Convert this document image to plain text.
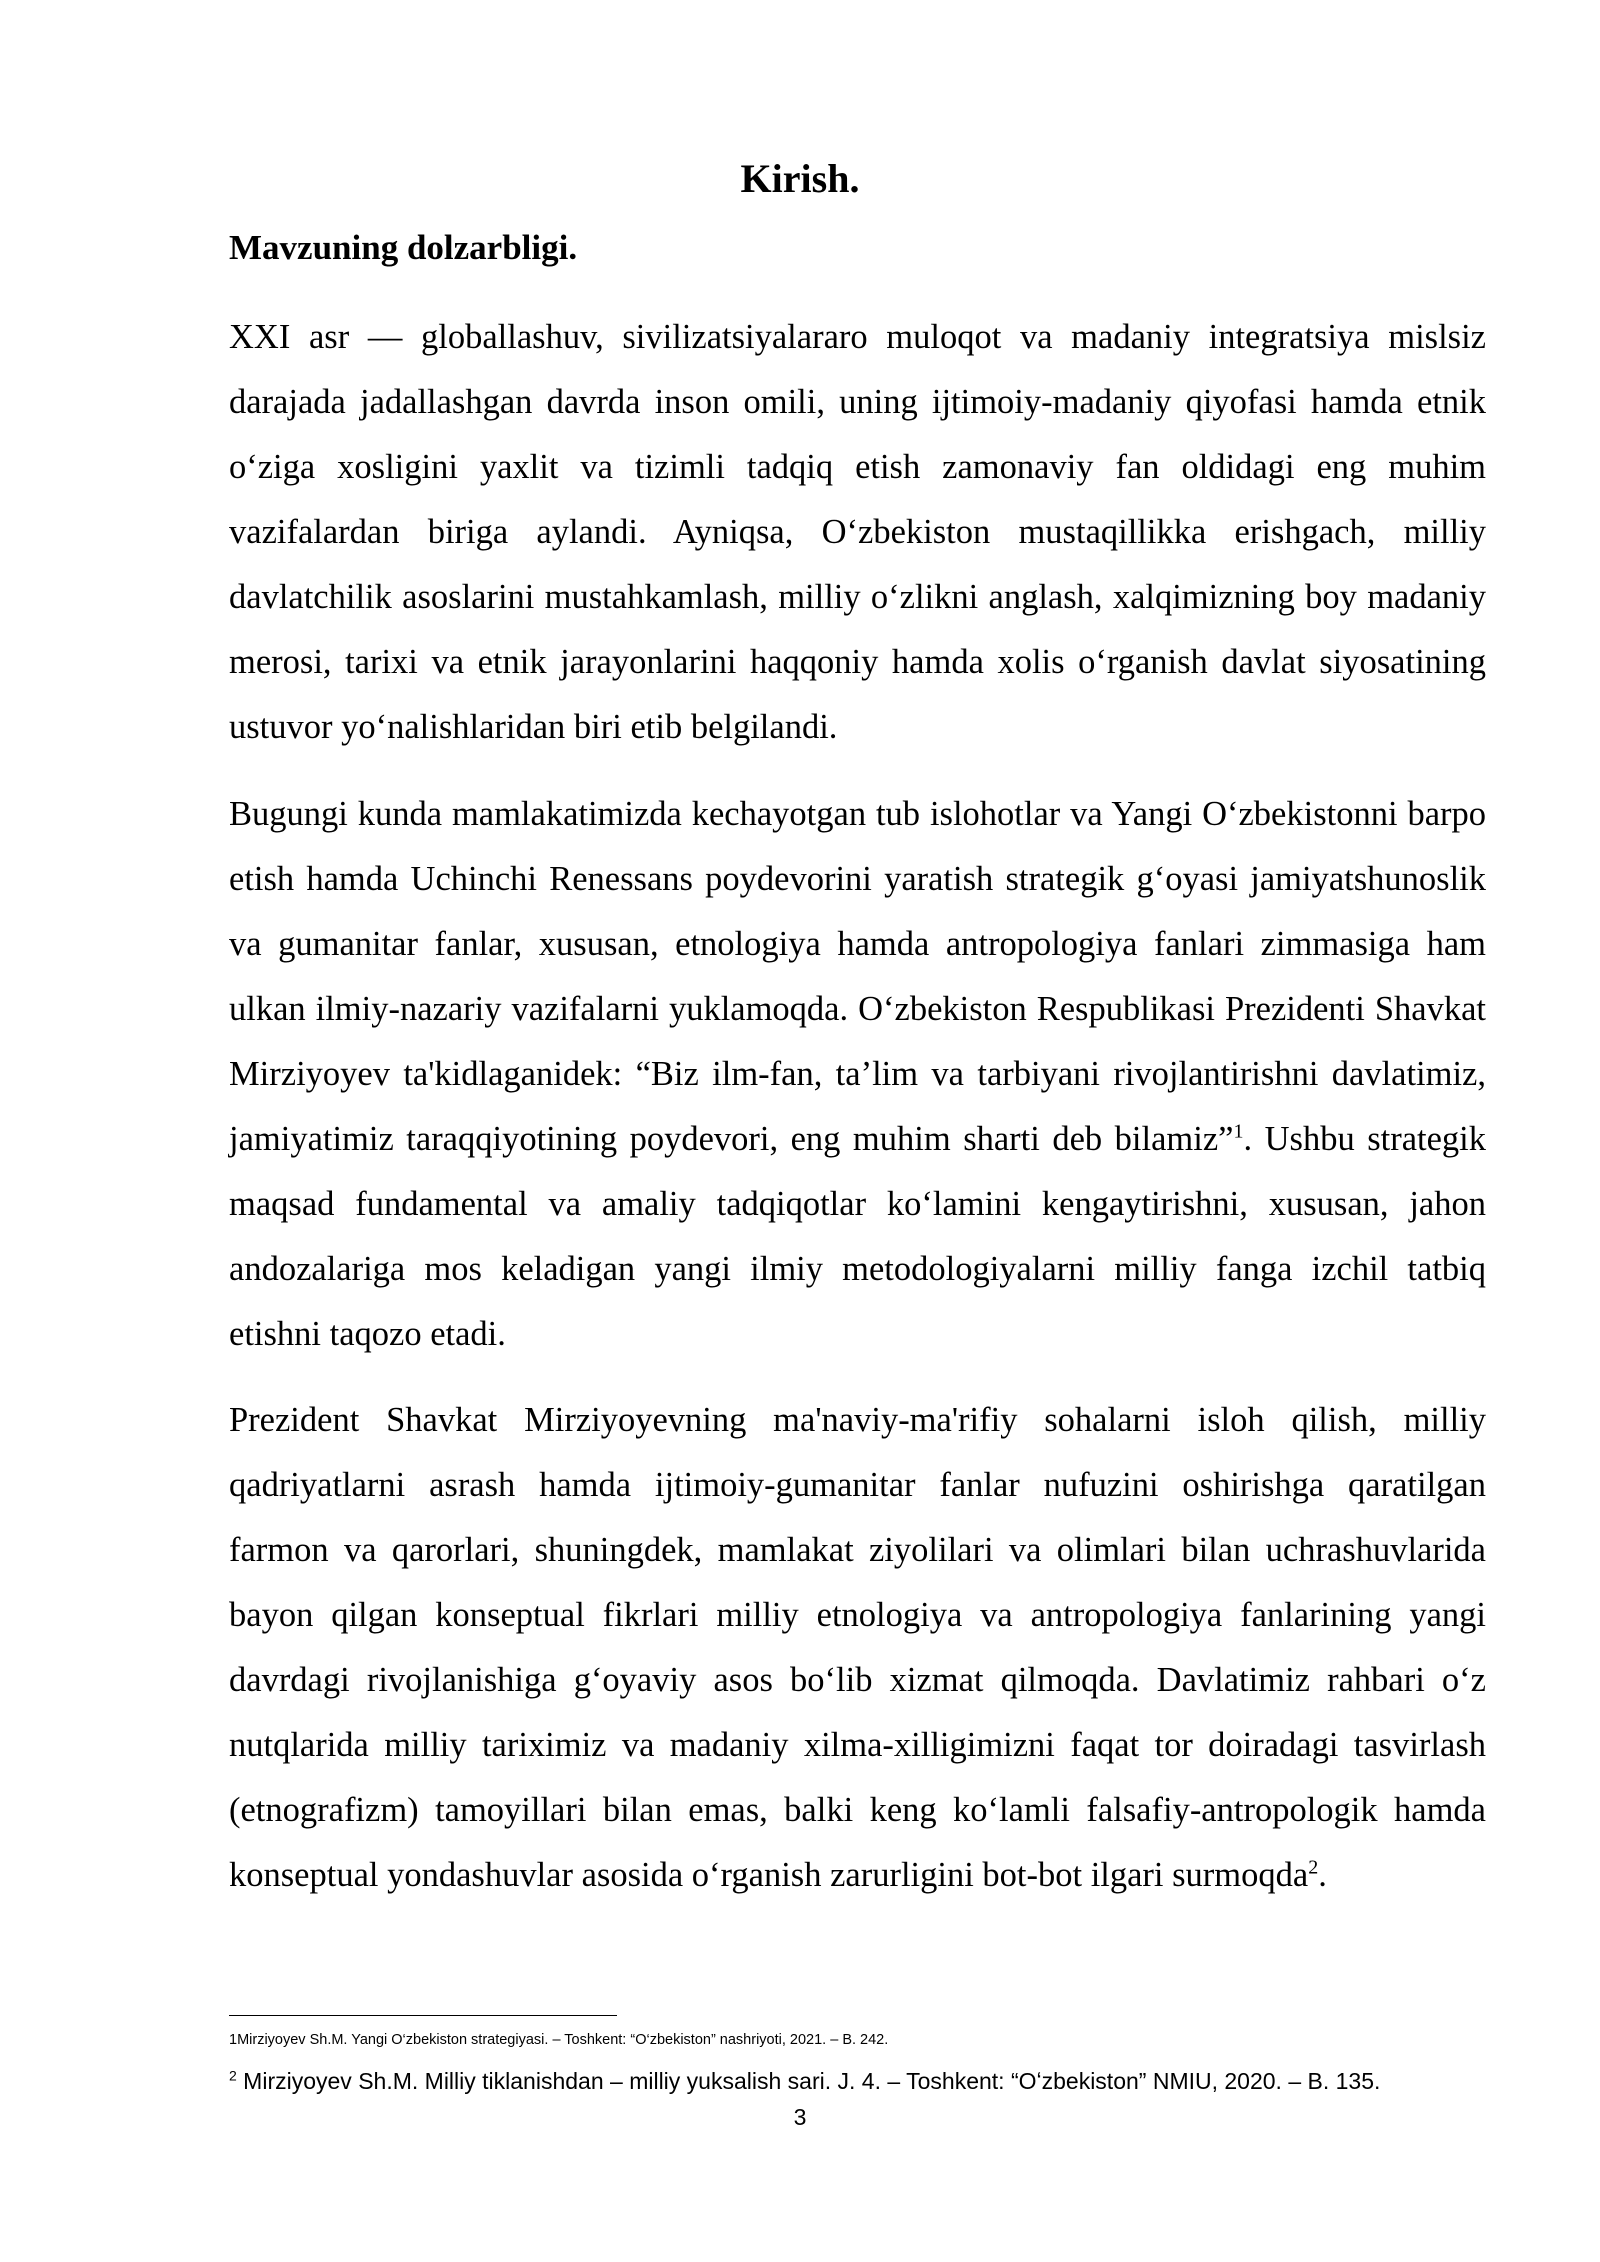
Kirish.
Mavzuning dolzarbligi.

XXI asr — globallashuv, sivilizatsiyalararo muloqot va madaniy integratsiya mislsiz darajada jadallashgan davrda inson omili, uning ijtimoiy-madaniy qiyofasi hamda etnik oʻziga xosligini yaxlit va tizimli tadqiq etish zamonaviy fan oldidagi eng muhim vazifalardan biriga aylandi. Ayniqsa, Oʻzbekiston mustaqillikka erishgach, milliy davlatchilik asoslarini mustahkamlash, milliy oʻzlikni anglash, xalqimizning boy madaniy merosi, tarixi va etnik jarayonlarini haqqoniy hamda xolis oʻrganish davlat siyosatining ustuvor yoʻnalishlaridan biri etib belgilandi.

Bugungi kunda mamlakatimizda kechayotgan tub islohotlar va Yangi Oʻzbekistonni barpo etish hamda Uchinchi Renessans poydevorini yaratish strategik gʻoyasi jamiyatshunoslik va gumanitar fanlar, xususan, etnologiya hamda antropologiya fanlari zimmasiga ham ulkan ilmiy-nazariy vazifalarni yuklamoqda. Oʻzbekiston Respublikasi Prezidenti Shavkat Mirziyoyev ta'kidlaganidek: “Biz ilm-fan, ta’lim va tarbiyani rivojlantirishni davlatimiz, jamiyatimiz taraqqiyotining poydevori, eng muhim sharti deb bilamiz”$^1$. Ushbu strategik maqsad fundamental va amaliy tadqiqotlar koʻlamini kengaytirishni, xususan, jahon andozalariga mos keladigan yangi ilmiy metodologiyalarni milliy fanga izchil tatbiq etishni taqozo etadi.

Prezident Shavkat Mirziyoyevning ma'naviy-ma'rifiy sohalarni isloh qilish, milliy qadriyatlarni asrash hamda ijtimoiy-gumanitar fanlar nufuzini oshirishga qaratilgan farmon va qarorlari, shuningdek, mamlakat ziyolilari va olimlari bilan uchrashuvlarida bayon qilgan konseptual fikrlari milliy etnologiya va antropologiya fanlarining yangi davrdagi rivojlanishiga gʻoyaviy asos boʻlib xizmat qilmoqda. Davlatimiz rahbari oʻz nutqlarida milliy tariximiz va madaniy xilma-xilligimizni faqat tor doiradagi tasvirlash (etnografizm) tamoyillari bilan emas, balki keng koʻlamli falsafiy-antropologik hamda konseptual yondashuvlar asosida oʻrganish zarurligini bot-bot ilgari surmoqda$^2$.

1Mirziyoyev Sh.M. Yangi O‘zbekiston strategiyasi. – Toshkent: “O‘zbekiston” nashriyoti, 2021. – B. 242.

$^2$ Mirziyoyev Sh.M. Milliy tiklanishdan – milliy yuksalish sari. J. 4. – Toshkent: “Oʻzbekiston” NMIU, 2020. – B. 135.

3
